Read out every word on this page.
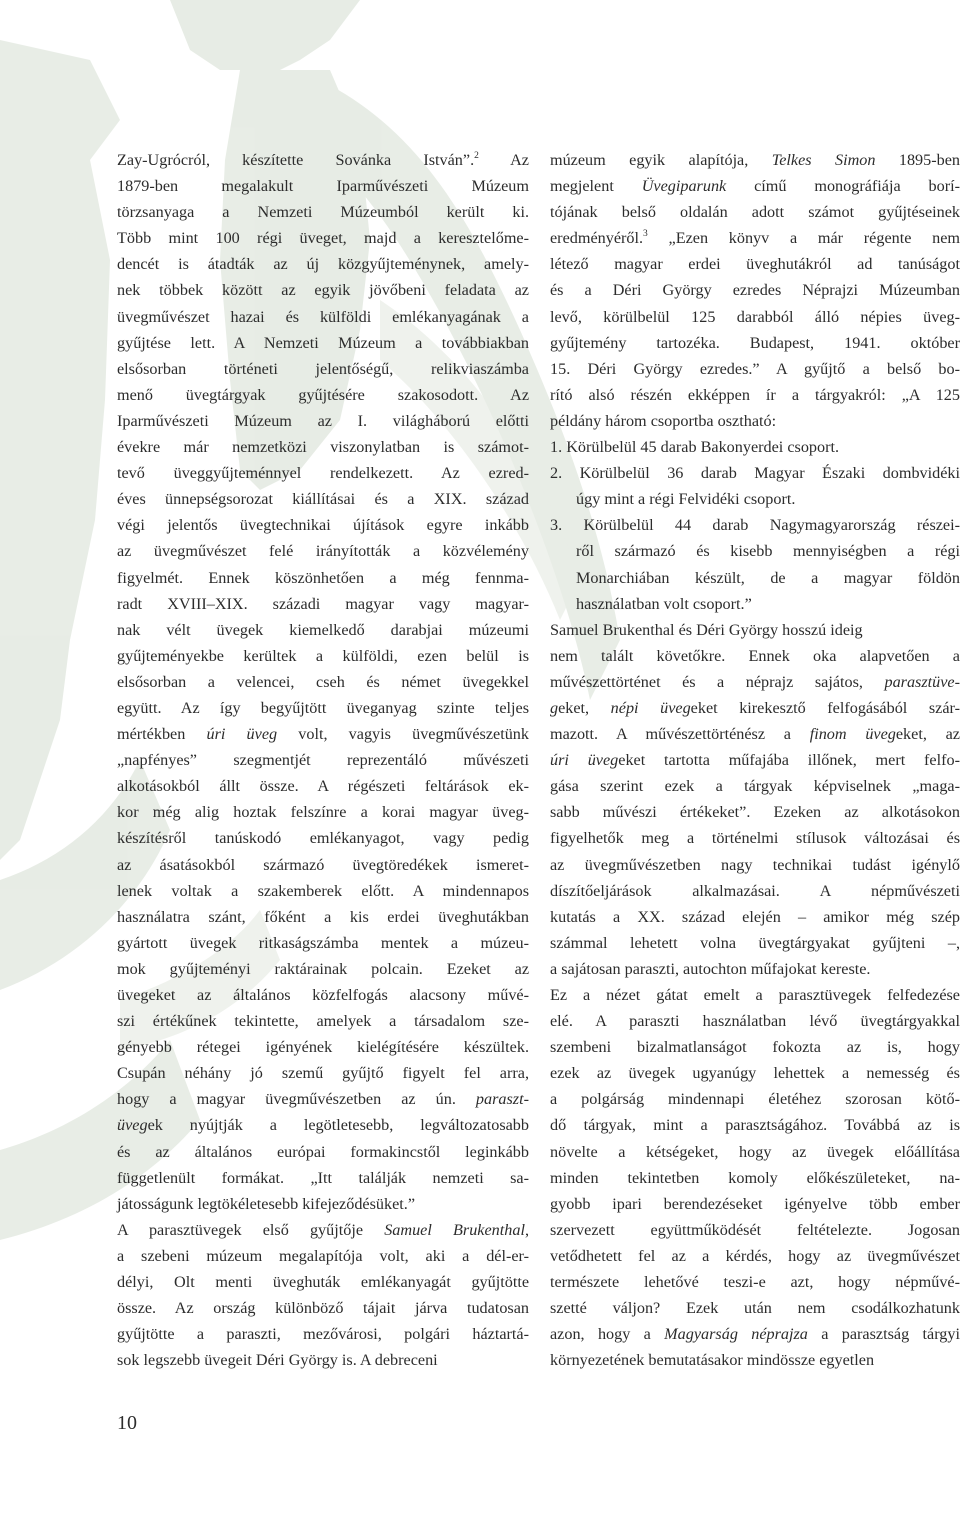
Zay-Ugrócról, készítette Sovánka István”.$^2$ Az
1879-ben megalakult Iparművészeti Múzeum
törzsanyaga a Nemzeti Múzeumból került ki.
Több mint 100 régi üveget, majd a keresztelőme-
dencét is átadták az új közgyűjteménynek, amely-
nek többek között az egyik jövőbeni feladata az
üvegművészet hazai és külföldi emlékanyagának a
gyűjtése lett. A Nemzeti Múzeum a továbbiakban
elsősorban történeti jelentőségű, relikviaszámba
menő üvegtárgyak gyűjtésére szakosodott. Az
Iparművészeti Múzeum az I. világháború előtti
évekre már nemzetközi viszonylatban is számot-
tevő üveggyűjteménnyel rendelkezett. Az ezred-
éves ünnepségsorozat kiállításai és a XIX. század
végi jelentős üvegtechnikai újítások egyre inkább
az üvegművészet felé irányították a közvélemény
figyelmét. Ennek köszönhetően a még fennma-
radt XVIII–XIX. századi magyar vagy magyar-
nak vélt üvegek kiemelkedő darabjai múzeumi
gyűjteményekbe kerültek a külföldi, ezen belül is
elsősorban a velencei, cseh és német üvegekkel
együtt. Az így begyűjtött üveganyag szinte teljes
mértékben úri üveg volt, vagyis üvegművészetünk
„napfényes” szegmentjét reprezentáló művészeti
alkotásokból állt össze. A régészeti feltárások ek-
kor még alig hoztak felszínre a korai magyar üveg-
készítésről tanúskodó emlékanyagot, vagy pedig
az ásatásokból származó üvegtöredékek ismeret-
lenek voltak a szakemberek előtt. A mindennapos
használatra szánt, főként a kis erdei üveghutákban
gyártott üvegek ritkaságszámba mentek a múzeu-
mok gyűjteményi raktárainak polcain. Ezeket az
üvegeket az általános közfelfogás alacsony művé-
szi értékűnek tekintette, amelyek a társadalom sze-
gényebb rétegei igényének kielégítésére készültek.
Csupán néhány jó szemű gyűjtő figyelt fel arra,
hogy a magyar üvegművészetben az ún. paraszt-
üvegek nyújtják a legötletesebb, legváltozatosabb
és az általános európai formakincstől leginkább
függetlenült formákat. „Itt találják nemzeti sa-
játosságunk legtökéletesebb kifejeződésüket.”
A parasztüvegek első gyűjtője Samuel Brukenthal,
a szebeni múzeum megalapítója volt, aki a dél-er-
délyi, Olt menti üveghuták emlékanyagát gyűjtötte
össze. Az ország különböző tájait járva tudatosan
gyűjtötte a paraszti, mezővárosi, polgári háztartá-
sok legszebb üvegeit Déri György is. A debreceni
múzeum egyik alapítója, Telkes Simon 1895-ben
megjelent Üvegiparunk című monográfiája borí-
tójának belső oldalán adott számot gyűjtéseinek
eredményéről.$^3$ „Ezen könyv a már régente nem
létező magyar erdei üveghutákról ad tanúságot
és a Déri György ezredes Néprajzi Múzeumban
levő, körülbelül 125 darabból álló népies üveg-
gyűjtemény tartozéka. Budapest, 1941. október
15. Déri György ezredes.” A gyűjtő a belső bo-
rító alsó részén ekképpen ír a tárgyakról: „A 125
példány három csoportba osztható:
1. Körülbelül 45 darab Bakonyerdei csoport.
2. Körülbelül 36 darab Magyar Északi dombvidéki
úgy mint a régi Felvidéki csoport.
3. Körülbelül 44 darab Nagymagyarország részei-
ről származó és kisebb mennyiségben a régi
Monarchiában készült, de a magyar földön
használatban volt csoport.”
Samuel Brukenthal és Déri György hosszú ideig
nem talált követőkre. Ennek oka alapvetően a
művészettörténet és a néprajz sajátos, parasztüve-
geket, népi üvegeket kirekesztő felfogásából szár-
mazott. A művészettörténész a finom üvegeket, az
úri üvegeket tartotta műfajába illőnek, mert felfo-
gása szerint ezek a tárgyak képviselnek „maga-
sabb művészi értékeket”. Ezeken az alkotásokon
figyelhetők meg a történelmi stílusok változásai és
az üvegművészetben nagy technikai tudást igénylő
díszítőeljárások alkalmazásai. A népművészeti
kutatás a XX. század elején – amikor még szép
számmal lehetett volna üvegtárgyakat gyűjteni –,
a sajátosan paraszti, autochton műfajokat kereste.
Ez a nézet gátat emelt a parasztüvegek felfedezése
elé. A paraszti használatban lévő üvegtárgyakkal
szembeni bizalmatlanságot fokozta az is, hogy
ezek az üvegek ugyanúgy lehettek a nemesség és
a polgárság mindennapi életéhez szorosan kötő-
dő tárgyak, mint a parasztságához. Továbbá az is
növelte a kétségeket, hogy az üvegek előállítása
minden tekintetben komoly előkészületeket, na-
gyobb ipari berendezéseket igényelve több ember
szervezett együttműködését feltételezte. Jogosan
vetődhetett fel az a kérdés, hogy az üvegművészet
természete lehetővé teszi-e azt, hogy népművé-
szetté váljon? Ezek után nem csodálkozhatunk
azon, hogy a Magyarság néprajza a parasztság tárgyi
környezetének bemutatásakor mindössze egyetlen
10
